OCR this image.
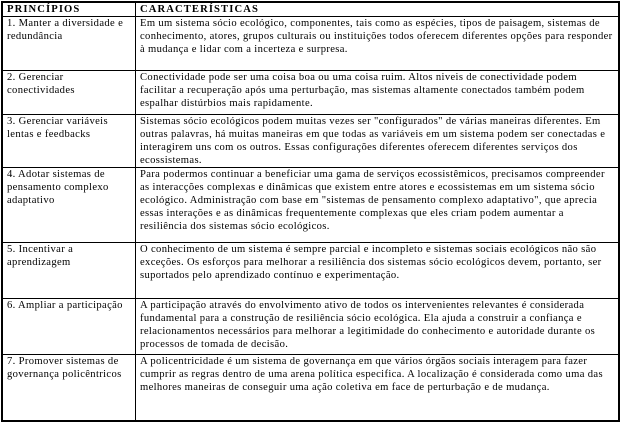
PRINCÍPIOS	CARACTERÍSTICAS
1. Manter a diversidade e redundância	Em um sistema sócio ecológico, componentes, tais como as espécies, tipos de paisagem, sistemas de conhecimento, atores, grupos culturais ou instituições todos oferecem diferentes opções para responder à mudança e lidar com a incerteza e surpresa.
2. Gerenciar conectividades	Conectividade pode ser uma coisa boa ou uma coisa ruim. Altos niveis de conectividade podem facilitar a recuperação após uma perturbação, mas sistemas altamente conectados também podem espalhar distúrbios mais rapidamente.
3. Gerenciar variáveis lentas e feedbacks	Sistemas sócio ecológicos podem muitas vezes ser "configurados" de várias maneiras diferentes. Em outras palavras, há muitas maneiras em que todas as variáveis em um sistema podem ser conectadas e interagirem uns com os outros. Essas configurações diferentes oferecem diferentes serviços dos ecossistemas.
4. Adotar sistemas de pensamento complexo adaptativo	Para podermos continuar a beneficiar uma gama de serviços ecossistêmicos, precisamos compreender as interacções complexas e dinâmicas que existem entre atores e ecossistemas em um sistema sócio ecológico. Administração com base em "sistemas de pensamento complexo adaptativo", que aprecia essas interações e as dinâmicas frequentemente complexas que eles criam podem aumentar a resiliência dos sistemas sócio ecológicos.
5. Incentivar a aprendizagem	O conhecimento de um sistema é sempre parcial e incompleto e sistemas sociais ecológicos não são exceções. Os esforços para melhorar a resiliência dos sistemas sócio ecológicos devem, portanto, ser suportados pelo aprendizado contínuo e experimentação.
6. Ampliar a participação	A participação através do envolvimento ativo de todos os intervenientes relevantes é considerada fundamental para a construção de resiliência sócio ecológica. Ela ajuda a construir a confiança e relacionamentos necessários para melhorar a legitimidade do conhecimento e autoridade durante os processos de tomada de decisão.
7. Promover sistemas de governança policêntricos	A policentricidade é um sistema de governança em que vários órgãos sociais interagem para fazer cumprir as regras dentro de uma arena política especifica. A localização é considerada como uma das melhores maneiras de conseguir uma ação coletiva em face de perturbação e de mudança.
